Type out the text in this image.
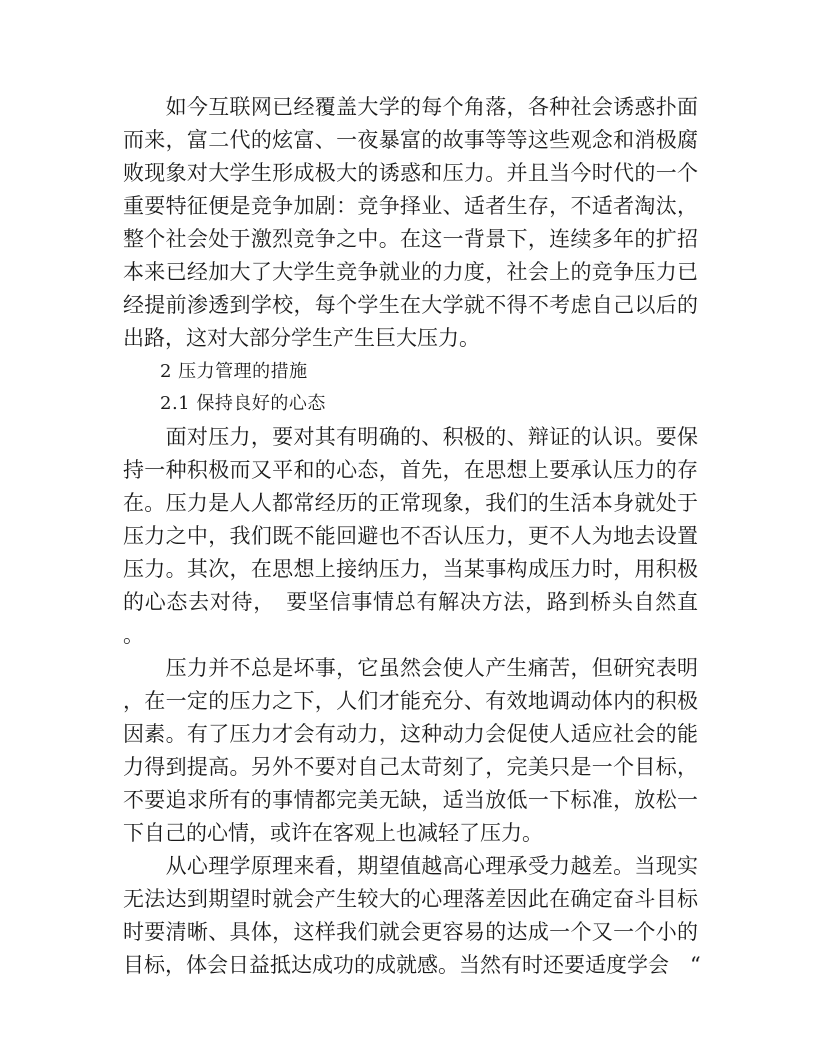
　　如今互联网已经覆盖大学的每个角落，各种社会诱惑扑面

而来，富二代的炫富、一夜暴富的故事等等这些观念和消极腐

败现象对大学生形成极大的诱惑和压力。并且当今时代的一个

重要特征便是竞争加剧：竞争择业、适者生存，不适者淘汰，

整个社会处于激烈竞争之中。在这一背景下，连续多年的扩招

本来已经加大了大学生竞争就业的力度，社会上的竞争压力已

经提前渗透到学校，每个学生在大学就不得不考虑自己以后的

出路，这对大部分学生产生巨大压力。

　　2 压力管理的措施

　　2.1 保持良好的心态

　　面对压力，要对其有明确的、积极的、辩证的认识。要保

持一种积极而又平和的心态，首先，在思想上要承认压力的存

在。压力是人人都常经历的正常现象，我们的生活本身就处于

压力之中，我们既不能回避也不否认压力，更不人为地去设置

压力。其次，在思想上接纳压力，当某事构成压力时，用积极

的心态去对待，　要坚信事情总有解决方法，路到桥头自然直

。

　　压力并不总是坏事，它虽然会使人产生痛苦，但研究表明

，在一定的压力之下，人们才能充分、有效地调动体内的积极

因素。有了压力才会有动力，这种动力会促使人适应社会的能

力得到提高。另外不要对自己太苛刻了，完美只是一个目标，

不要追求所有的事情都完美无缺，适当放低一下标准，放松一

下自己的心情，或许在客观上也减轻了压力。

　　从心理学原理来看，期望值越高心理承受力越差。当现实

无法达到期望时就会产生较大的心理落差因此在确定奋斗目标

时要清晰、具体，这样我们就会更容易的达成一个又一个小的

目标，体会日益抵达成功的成就感。当然有时还要适度学会　“
